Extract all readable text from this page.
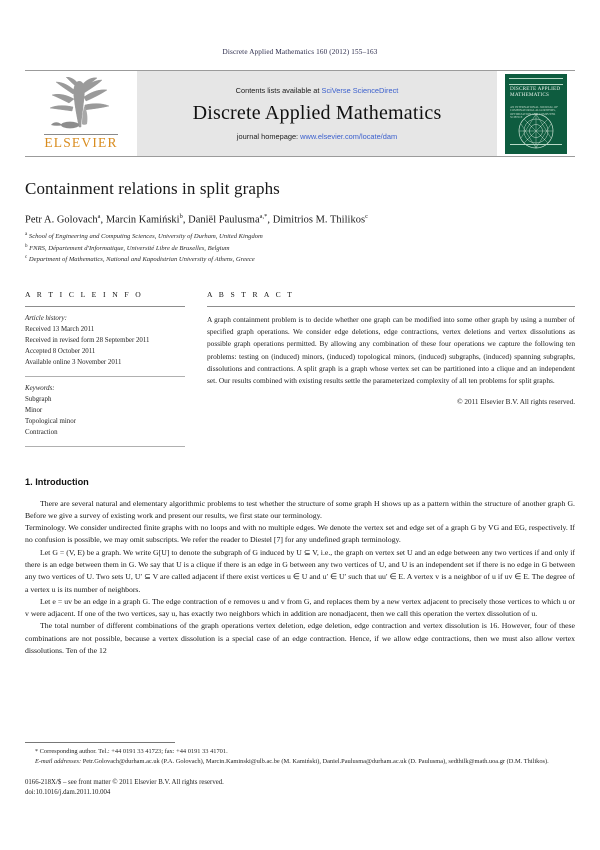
Discrete Applied Mathematics 160 (2012) 155–163
ELSEVIER
Contents lists available at SciVerse ScienceDirect
Discrete Applied Mathematics
journal homepage: www.elsevier.com/locate/dam
DISCRETE APPLIED MATHEMATICS
AN INTERNATIONAL JOURNAL OF COMBINATORIAL ALGORITHMS, OPTIMIZATION AND COMPUTER SCIENCE
Containment relations in split graphs
Petr A. Golovach$^a$, Marcin Kamiński$^b$, Daniël Paulusma$^{a,*}$, Dimitrios M. Thilikos$^c$
$^a$ School of Engineering and Computing Sciences, University of Durham, United Kingdom
$^b$ FNRS, Département d'Informatique, Université Libre de Bruxelles, Belgium
$^c$ Department of Mathematics, National and Kapodistrian University of Athens, Greece
A R T I C L E I N F O
Article history:
Received 13 March 2011
Received in revised form 28 September 2011
Accepted 8 October 2011
Available online 3 November 2011
Keywords:
Subgraph
Minor
Topological minor
Contraction
A B S T R A C T
A graph containment problem is to decide whether one graph can be modified into some other graph by using a number of specified graph operations. We consider edge deletions, edge contractions, vertex deletions and vertex dissolutions as possible graph operations permitted. By allowing any combination of these four operations we capture the following ten problems: testing on (induced) minors, (induced) topological minors, (induced) subgraphs, (induced) spanning subgraphs, dissolutions and contractions. A split graph is a graph whose vertex set can be partitioned into a clique and an independent set. Our results combined with existing results settle the parameterized complexity of all ten problems for split graphs.
© 2011 Elsevier B.V. All rights reserved.
1. Introduction

There are several natural and elementary algorithmic problems to test whether the structure of some graph H shows up as a pattern within the structure of another graph G. Before we give a survey of existing work and present our results, we first state our terminology.

Terminology. We consider undirected finite graphs with no loops and with no multiple edges. We denote the vertex set and edge set of a graph G by VG and EG, respectively. If no confusion is possible, we may omit subscripts. We refer the reader to Diestel [7] for any undefined graph terminology.

Let G = (V, E) be a graph. We write G[U] to denote the subgraph of G induced by U ⊆ V, i.e., the graph on vertex set U and an edge between any two vertices if and only if there is an edge between them in G. We say that U is a clique if there is an edge in G between any two vertices of U, and U is an independent set if there is no edge in G between any two vertices of U. Two sets U, U′ ⊆ V are called adjacent if there exist vertices u ∈ U and u′ ∈ U′ such that uu′ ∈ E. A vertex v is a neighbor of u if uv ∈ E. The degree of a vertex u is its number of neighbors.

Let e = uv be an edge in a graph G. The edge contraction of e removes u and v from G, and replaces them by a new vertex adjacent to precisely those vertices to which u or v were adjacent. If one of the two vertices, say u, has exactly two neighbors which in addition are nonadjacent, then we call this operation the vertex dissolution of u.

The total number of different combinations of the graph operations vertex deletion, edge deletion, edge contraction and vertex dissolution is 16. However, four of these combinations are not possible, because a vertex dissolution is a special case of an edge contraction. Hence, if we allow edge contractions, then we must also allow vertex dissolutions. Ten of the 12

* Corresponding author. Tel.: +44 0191 33 41723; fax: +44 0191 33 41701.
E-mail addresses: Petr.Golovach@durham.ac.uk (P.A. Golovach), Marcin.Kaminski@ulb.ac.be (M. Kamiński), Daniel.Paulusma@durham.ac.uk (D. Paulusma), sedthilk@math.uoa.gr (D.M. Thilikos).
0166-218X/$ – see front matter © 2011 Elsevier B.V. All rights reserved.
doi:10.1016/j.dam.2011.10.004
